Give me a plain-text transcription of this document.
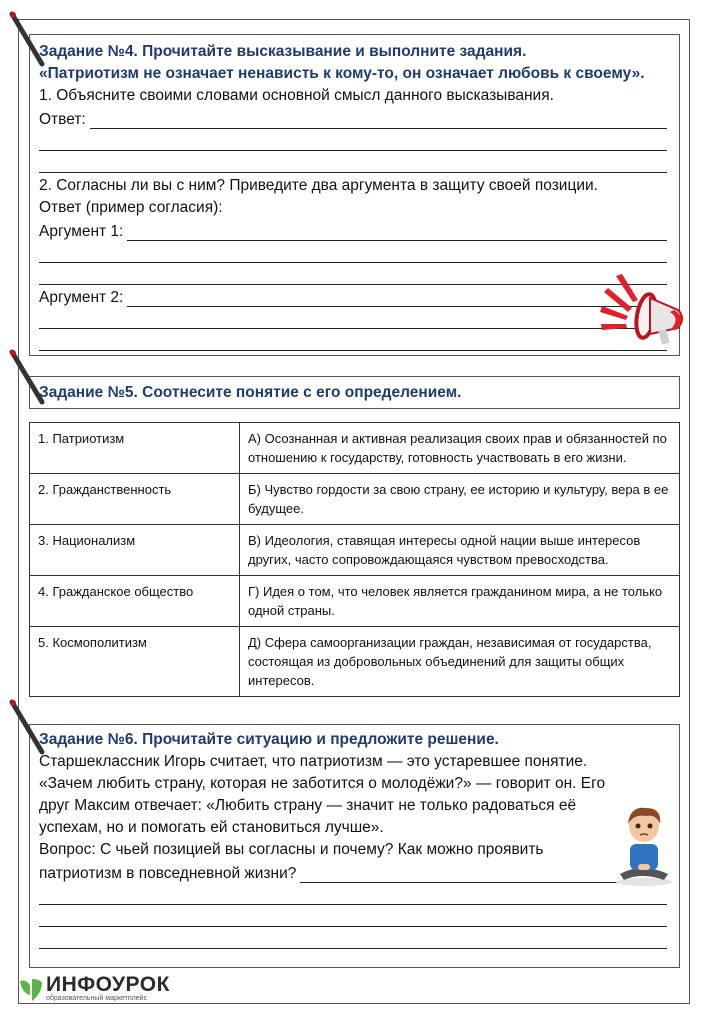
Задание №4. Прочитайте высказывание и выполните задания.
«Патриотизм не означает ненависть к кому-то, он означает любовь к своему».
1. Объясните своими словами основной смысл данного высказывания.
Ответ:
2. Согласны ли вы с ним? Приведите два аргумента в защиту своей позиции.
Ответ (пример согласия):
Аргумент 1:
Аргумент 2:
Задание №5. Соотнесите понятие с его определением.
1. Патриотизм	А) Осознанная и активная реализация своих прав и обязанностей по отношению к государству, готовность участвовать в его жизни.
2. Гражданственность	Б) Чувство гордости за свою страну, ее историю и культуру, вера в ее будущее.
3. Национализм	В) Идеология, ставящая интересы одной нации выше интересов других, часто сопровождающаяся чувством превосходства.
4. Гражданское общество	Г) Идея о том, что человек является гражданином мира, а не только одной страны.
5. Космополитизм	Д) Сфера самоорганизации граждан, независимая от государства, состоящая из добровольных объединений для защиты общих интересов.
Задание №6. Прочитайте ситуацию и предложите решение.
Старшеклассник Игорь считает, что патриотизм — это устаревшее понятие.
«Зачем любить страну, которая не заботится о молодёжи?» — говорит он. Его
друг Максим отвечает: «Любить страну — значит не только радоваться её
успехам, но и помогать ей становиться лучше».
Вопрос: С чьей позицией вы согласны и почему? Как можно проявить
патриотизм в повседневной жизни?
ИНФОУРОК
образовательный маркетплейс
